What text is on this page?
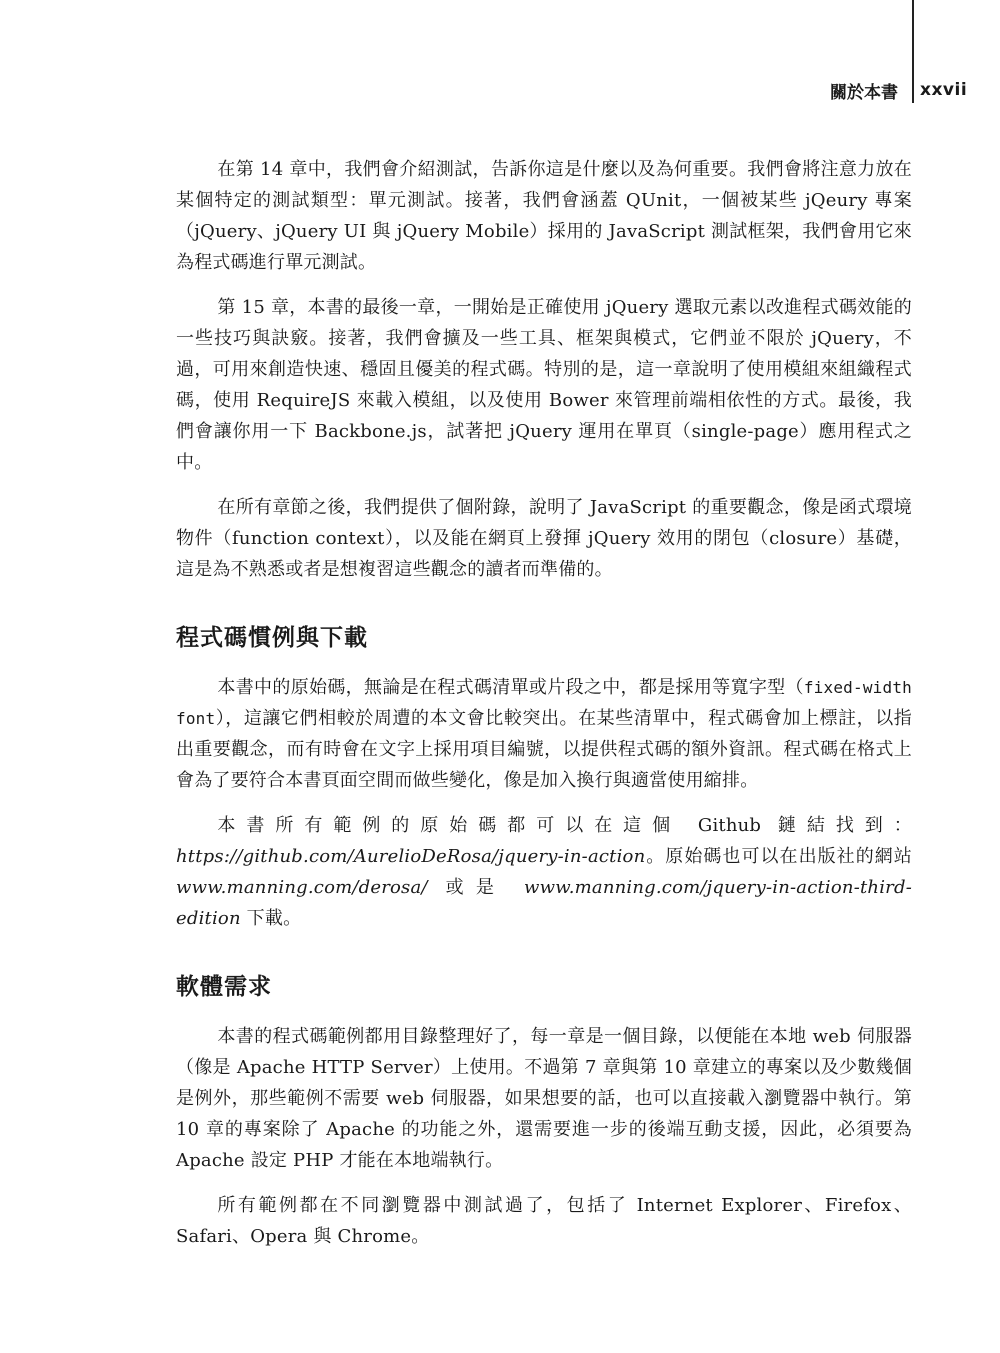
關於本書	xxvii

在第 14 章中，我們會介紹測試，告訴你這是什麼以及為何重要。我們會將注意力放在某個特定的測試類型：單元測試。接著，我們會涵蓋 QUnit，一個被某些 jQeury 專案（jQuery、jQuery UI 與 jQuery Mobile）採用的 JavaScript 測試框架，我們會用它來為程式碼進行單元測試。

第 15 章，本書的最後一章，一開始是正確使用 jQuery 選取元素以改進程式碼效能的一些技巧與訣竅。接著，我們會擴及一些工具、框架與模式，它們並不限於 jQuery，不過，可用來創造快速、穩固且優美的程式碼。特別的是，這一章說明了使用模組來組織程式碼，使用 RequireJS 來載入模組，以及使用 Bower 來管理前端相依性的方式。最後，我們會讓你用一下 Backbone.js，試著把 jQuery 運用在單頁（single-page）應用程式之中。

在所有章節之後，我們提供了個附錄，說明了 JavaScript 的重要觀念，像是函式環境物件（function context），以及能在網頁上發揮 jQuery 效用的閉包（closure）基礎，這是為不熟悉或者是想複習這些觀念的讀者而準備的。

程式碼慣例與下載

本書中的原始碼，無論是在程式碼清單或片段之中，都是採用等寬字型（fixed-width font），這讓它們相較於周遭的本文會比較突出。在某些清單中，程式碼會加上標註，以指出重要觀念，而有時會在文字上採用項目編號，以提供程式碼的額外資訊。程式碼在格式上會為了要符合本書頁面空間而做些變化，像是加入換行與適當使用縮排。

本書所有範例的原始碼都可以在這個 Github 鏈結找到：https://github.com/AurelioDeRosa/jquery-in-action。原始碼也可以在出版社的網站 www.manning.com/derosa/ 或是 www.manning.com/jquery-in-action-third-edition 下載。

軟體需求

本書的程式碼範例都用目錄整理好了，每一章是一個目錄，以便能在本地 web 伺服器（像是 Apache HTTP Server）上使用。不過第 7 章與第 10 章建立的專案以及少數幾個是例外，那些範例不需要 web 伺服器，如果想要的話，也可以直接載入瀏覽器中執行。第 10 章的專案除了 Apache 的功能之外，還需要進一步的後端互動支援，因此，必須要為 Apache 設定 PHP 才能在本地端執行。

所有範例都在不同瀏覽器中測試過了，包括了 Internet Explorer、Firefox、Safari、Opera 與 Chrome。
